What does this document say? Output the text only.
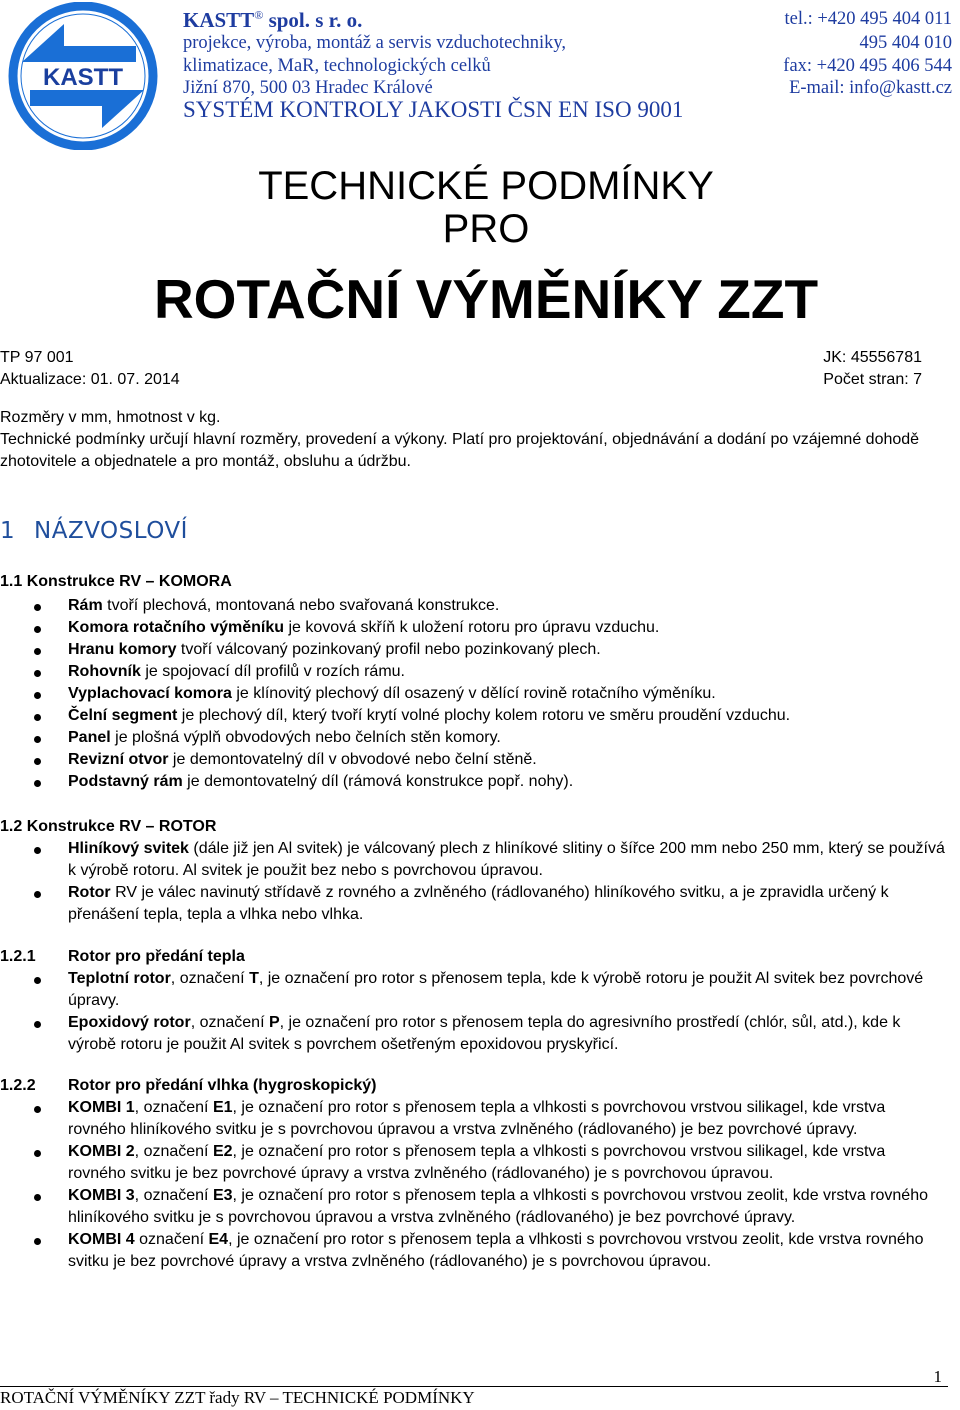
KASTT
KASTT® spol. s r. o.
projekce, výroba, montáž a servis vzduchotechniky,
klimatizace, MaR, technologických celků
Jižní 870, 500 03 Hradec Králové
SYSTÉM KONTROLY JAKOSTI ČSN EN ISO 9001
tel.: +420 495 404 011
495 404 010
fax: +420 495 406 544
E-mail: info@kastt.cz
TECHNICKÉ PODMÍNKY
PRO
ROTAČNÍ VÝMĚNÍKY ZZT
TP 97 001	JK: 45556781
Aktualizace: 01. 07. 2014	Počet stran: 7
Rozměry v mm, hmotnost v kg.
Technické podmínky určují hlavní rozměry, provedení a výkony. Platí pro projektování, objednávání a dodání po vzájemné dohodě zhotovitele a objednatele a pro montáž, obsluhu a údržbu.
1 NÁZVOSLOVÍ
1.1 Konstrukce RV – KOMORA
Rám tvoří plechová, montovaná nebo svařovaná konstrukce.
Komora rotačního výměníku je kovová skříň k uložení rotoru pro úpravu vzduchu.
Hranu komory tvoří válcovaný pozinkovaný profil nebo pozinkovaný plech.
Rohovník je spojovací díl profilů v rozích rámu.
Vyplachovací komora je klínovitý plechový díl osazený v dělící rovině rotačního výměníku.
Čelní segment je plechový díl, který tvoří krytí volné plochy kolem rotoru ve směru proudění vzduchu.
Panel je plošná výplň obvodových nebo čelních stěn komory.
Revizní otvor je demontovatelný díl v obvodové nebo čelní stěně.
Podstavný rám je demontovatelný díl (rámová konstrukce popř. nohy).
1.2 Konstrukce RV – ROTOR
Hliníkový svitek (dále již jen Al svitek) je válcovaný plech z hliníkové slitiny o šířce 200 mm nebo 250 mm, který se používá k výrobě rotoru. Al svitek je použit bez nebo s povrchovou úpravou.
Rotor RV je válec navinutý střídavě z rovného a zvlněného (rádlovaného) hliníkového svitku, a je zpravidla určený k přenášení tepla, tepla a vlhka nebo vlhka.
1.2.1 Rotor pro předání tepla
Teplotní rotor, označení T, je označení pro rotor s přenosem tepla, kde k výrobě rotoru je použit Al svitek bez povrchové úpravy.
Epoxidový rotor, označení P, je označení pro rotor s přenosem tepla do agresivního prostředí (chlór, sůl, atd.), kde k výrobě rotoru je použit Al svitek s povrchem ošetřeným epoxidovou pryskyřicí.
1.2.2 Rotor pro předání vlhka (hygroskopický)
KOMBI 1, označení E1, je označení pro rotor s přenosem tepla a vlhkosti s povrchovou vrstvou silikagel, kde vrstva rovného hliníkového svitku je s povrchovou úpravou a vrstva zvlněného (rádlovaného) je bez povrchové úpravy.
KOMBI 2, označení E2, je označení pro rotor s přenosem tepla a vlhkosti s povrchovou vrstvou silikagel, kde vrstva rovného svitku je bez povrchové úpravy a vrstva zvlněného (rádlovaného) je s povrchovou úpravou.
KOMBI 3, označení E3, je označení pro rotor s přenosem tepla a vlhkosti s povrchovou vrstvou zeolit, kde vrstva rovného hliníkového svitku je s povrchovou úpravou a vrstva zvlněného (rádlovaného) je bez povrchové úpravy.
KOMBI 4 označení E4, je označení pro rotor s přenosem tepla a vlhkosti s povrchovou vrstvou zeolit, kde vrstva rovného svitku je bez povrchové úpravy a vrstva zvlněného (rádlovaného) je s povrchovou úpravou.
1
ROTAČNÍ VÝMĚNÍKY ZZT řady RV – TECHNICKÉ PODMÍNKY
